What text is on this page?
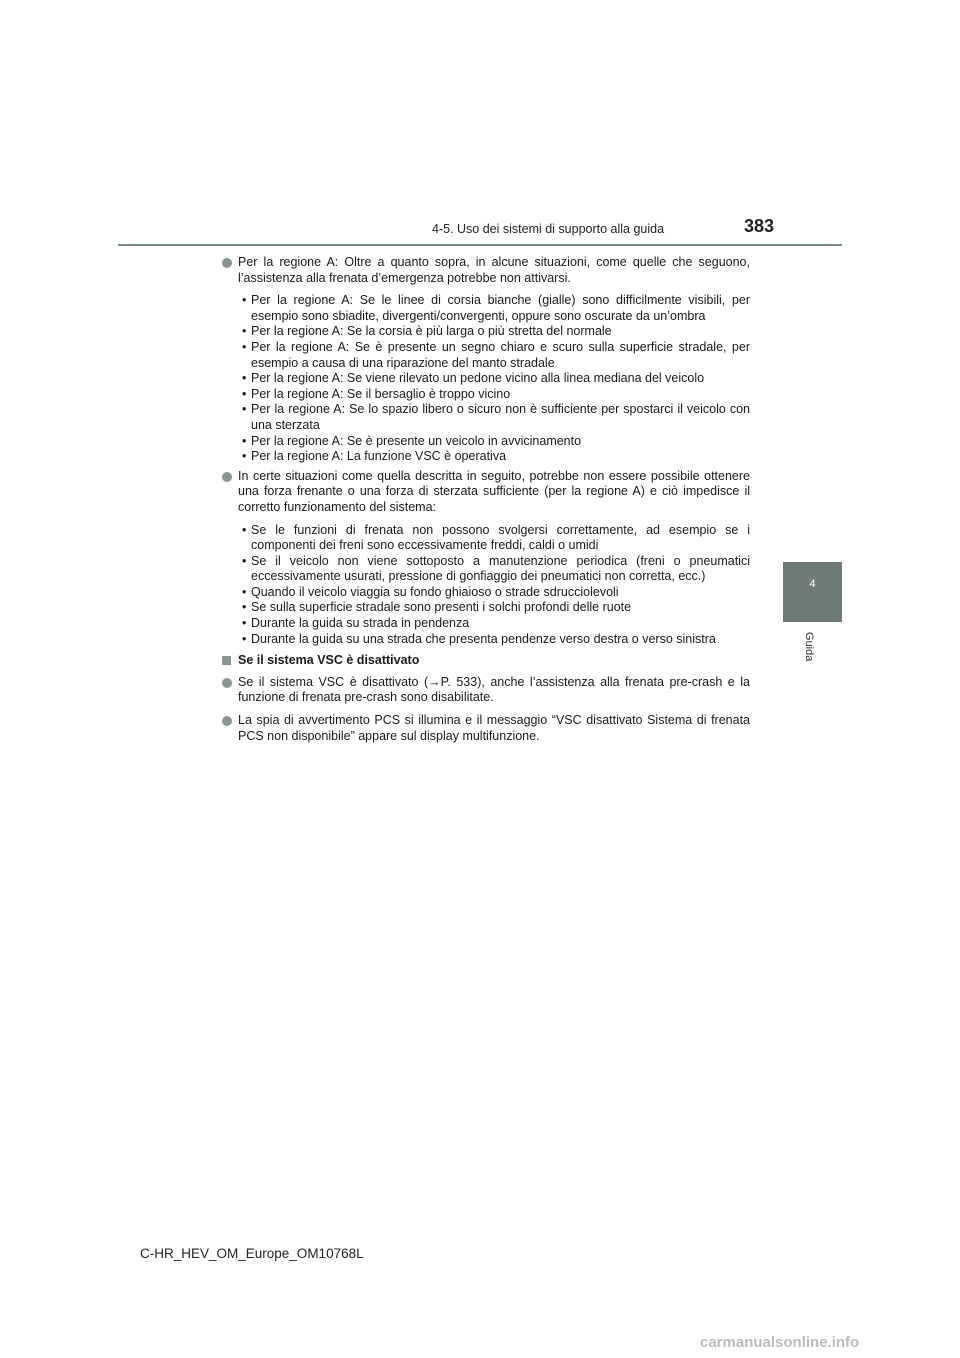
4-5. Uso dei sistemi di supporto alla guida	383
4
Guida

Per la regione A: Oltre a quanto sopra, in alcune situazioni, come quelle che seguono, l’assistenza alla frenata d’emergenza potrebbe non attivarsi.

• Per la regione A: Se le linee di corsia bianche (gialle) sono difficilmente visibili, per esempio sono sbiadite, divergenti/convergenti, oppure sono oscurate da un’ombra
• Per la regione A: Se la corsia è più larga o più stretta del normale
• Per la regione A: Se è presente un segno chiaro e scuro sulla superficie stradale, per esempio a causa di una riparazione del manto stradale
• Per la regione A: Se viene rilevato un pedone vicino alla linea mediana del veicolo
• Per la regione A: Se il bersaglio è troppo vicino
• Per la regione A: Se lo spazio libero o sicuro non è sufficiente per spostarci il veicolo con una sterzata
• Per la regione A: Se è presente un veicolo in avvicinamento
• Per la regione A: La funzione VSC è operativa

In certe situazioni come quella descritta in seguito, potrebbe non essere possibile ottenere una forza frenante o una forza di sterzata sufficiente (per la regione A) e ciò impedisce il corretto funzionamento del sistema:

• Se le funzioni di frenata non possono svolgersi correttamente, ad esempio se i componenti dei freni sono eccessivamente freddi, caldi o umidi
• Se il veicolo non viene sottoposto a manutenzione periodica (freni o pneumatici eccessivamente usurati, pressione di gonfiaggio dei pneumatici non corretta, ecc.)
• Quando il veicolo viaggia su fondo ghiaioso o strade sdrucciolevoli
• Se sulla superficie stradale sono presenti i solchi profondi delle ruote
• Durante la guida su strada in pendenza
• Durante la guida su una strada che presenta pendenze verso destra o verso sinistra
Se il sistema VSC è disattivato

Se il sistema VSC è disattivato (→P. 533), anche l’assistenza alla frenata pre-crash e la funzione di frenata pre-crash sono disabilitate.

La spia di avvertimento PCS si illumina e il messaggio “VSC disattivato Sistema di frenata PCS non disponibile” appare sul display multifunzione.

C-HR_HEV_OM_Europe_OM10768L
carmanualsonline.info
